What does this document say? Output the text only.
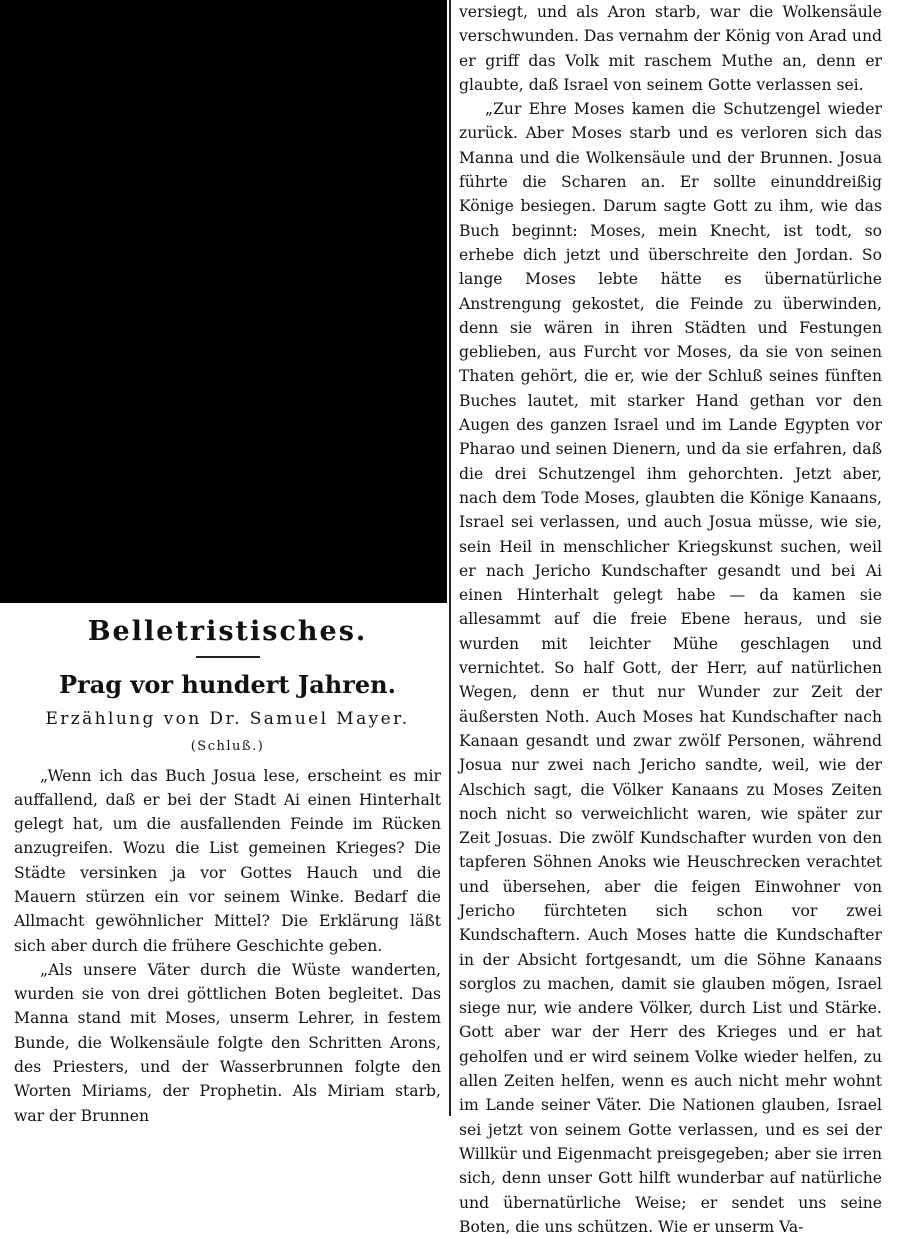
Belletristisches.
Prag vor hundert Jahren.
Erzählung von Dr. Samuel Mayer.
(Schluß.)

„Wenn ich das Buch Josua lese, erscheint es mir auffallend, daß er bei der Stadt Ai einen Hinterhalt gelegt hat, um die ausfallenden Feinde im Rücken anzugreifen. Wozu die List gemeinen Krieges? Die Städte versinken ja vor Gottes Hauch und die Mauern stürzen ein vor seinem Winke. Bedarf die Allmacht gewöhnlicher Mittel? Die Erklärung läßt sich aber durch die frühere Geschichte geben.

„Als unsere Väter durch die Wüste wanderten, wurden sie von drei göttlichen Boten begleitet. Das Manna stand mit Moses, unserm Lehrer, in festem Bunde, die Wolkensäule folgte den Schritten Arons, des Priesters, und der Wasserbrunnen folgte den Worten Miriams, der Prophetin. Als Miriam starb, war der Brunnen

versiegt, und als Aron starb, war die Wolkensäule verschwunden. Das vernahm der König von Arad und er griff das Volk mit raschem Muthe an, denn er glaubte, daß Israel von seinem Gotte verlassen sei.

„Zur Ehre Moses kamen die Schutzengel wieder zurück. Aber Moses starb und es verloren sich das Manna und die Wolkensäule und der Brunnen. Josua führte die Scharen an. Er sollte einunddreißig Könige besiegen. Darum sagte Gott zu ihm, wie das Buch beginnt: Moses, mein Knecht, ist todt, so erhebe dich jetzt und überschreite den Jordan. So lange Moses lebte hätte es übernatürliche Anstrengung gekostet, die Feinde zu überwinden, denn sie wären in ihren Städten und Festungen geblieben, aus Furcht vor Moses, da sie von seinen Thaten gehört, die er, wie der Schluß seines fünften Buches lautet, mit starker Hand gethan vor den Augen des ganzen Israel und im Lande Egypten vor Pharao und seinen Dienern, und da sie erfahren, daß die drei Schutzengel ihm gehorchten. Jetzt aber, nach dem Tode Moses, glaubten die Könige Kanaans, Israel sei verlassen, und auch Josua müsse, wie sie, sein Heil in menschlicher Kriegskunst suchen, weil er nach Jericho Kundschafter gesandt und bei Ai einen Hinterhalt gelegt habe — da kamen sie allesammt auf die freie Ebene heraus, und sie wurden mit leichter Mühe geschlagen und vernichtet. So half Gott, der Herr, auf natürlichen Wegen, denn er thut nur Wunder zur Zeit der äußersten Noth. Auch Moses hat Kundschafter nach Kanaan gesandt und zwar zwölf Personen, während Josua nur zwei nach Jericho sandte, weil, wie der Alschich sagt, die Völker Kanaans zu Moses Zeiten noch nicht so verweichlicht waren, wie später zur Zeit Josuas. Die zwölf Kundschafter wurden von den tapferen Söhnen Anoks wie Heuschrecken verachtet und übersehen, aber die feigen Einwohner von Jericho fürchteten sich schon vor zwei Kundschaftern. Auch Moses hatte die Kundschafter in der Absicht fortgesandt, um die Söhne Kanaans sorglos zu machen, damit sie glauben mögen, Israel siege nur, wie andere Völker, durch List und Stärke. Gott aber war der Herr des Krieges und er hat geholfen und er wird seinem Volke wieder helfen, zu allen Zeiten helfen, wenn es auch nicht mehr wohnt im Lande seiner Väter. Die Nationen glauben, Israel sei jetzt von seinem Gotte verlassen, und es sei der Willkür und Eigenmacht preisgegeben; aber sie irren sich, denn unser Gott hilft wunderbar auf natürliche und übernatürliche Weise; er sendet uns seine Boten, die uns schützen. Wie er unserm Va-
